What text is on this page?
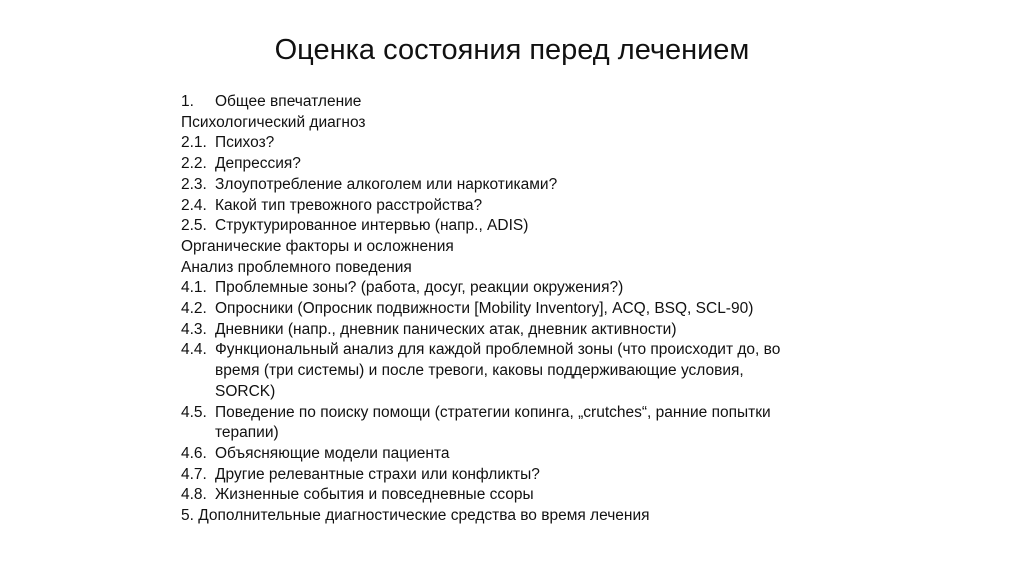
Оценка состояния перед лечением
1.	Общее впечатление
Психологический диагноз
2.1. Психоз?
2.2. Депрессия?
2.3. Злоупотребление алкоголем или наркотиками?
2.4. Какой тип тревожного расстройства?
2.5. Структурированное интервью (напр., ADIS)
Органические факторы и осложнения
Анализ проблемного поведения
4.1. Проблемные зоны? (работа, досуг, реакции окружения?)
4.2. Опросники (Опросник подвижности [Mobility Inventory], ACQ, BSQ, SCL-90)
4.3. Дневники (напр., дневник панических атак, дневник активности)
4.4. Функциональный анализ для каждой проблемной зоны (что происходит до, во
время (три системы) и после тревоги, каковы поддерживающие условия,
SORCK)
4.5. Поведение по поиску помощи (стратегии копинга, „crutches“, ранние попытки
терапии)
4.6. Объясняющие модели пациента
4.7. Другие релевантные страхи или конфликты?
4.8. Жизненные события и повседневные ссоры
5. Дополнительные диагностические средства во время лечения
